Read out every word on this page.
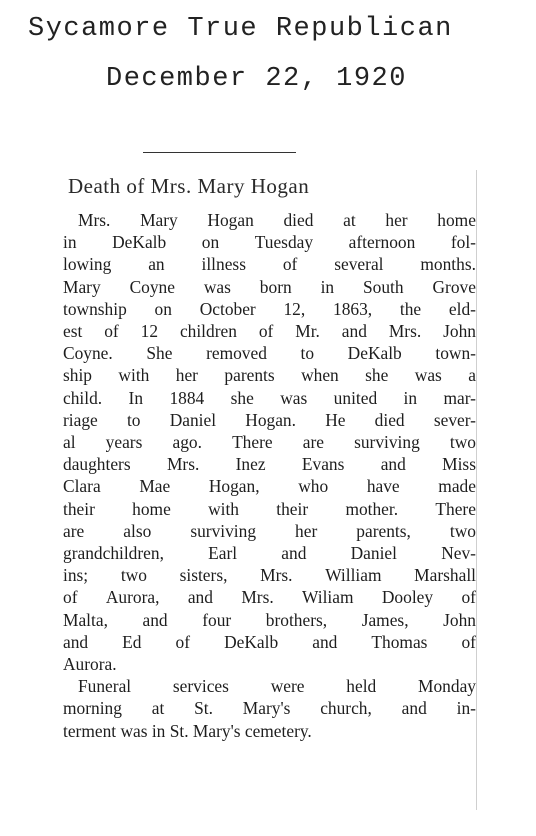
Sycamore True Republican
December 22, 1920
Death of Mrs. Mary Hogan
Mrs. Mary Hogan died at her home
in DeKalb on Tuesday afternoon fol-
lowing an illness of several months.
Mary Coyne was born in South Grove
township on October 12, 1863, the eld-
est of 12 children of Mr. and Mrs. John
Coyne. She removed to DeKalb town-
ship with her parents when she was a
child. In 1884 she was united in mar-
riage to Daniel Hogan. He died sever-
al years ago. There are surviving two
daughters Mrs. Inez Evans and Miss
Clara Mae Hogan, who have made
their home with their mother. There
are also surviving her parents, two
grandchildren,	Earl	and	Daniel	Nev-
ins; two sisters, Mrs. William Marshall
of Aurora, and Mrs. Wiliam Dooley of
Malta, and four brothers, James, John
and Ed of DeKalb and Thomas of
Aurora.
Funeral services were held Monday
morning at St. Mary's church, and in-
terment was in St. Mary's cemetery.
